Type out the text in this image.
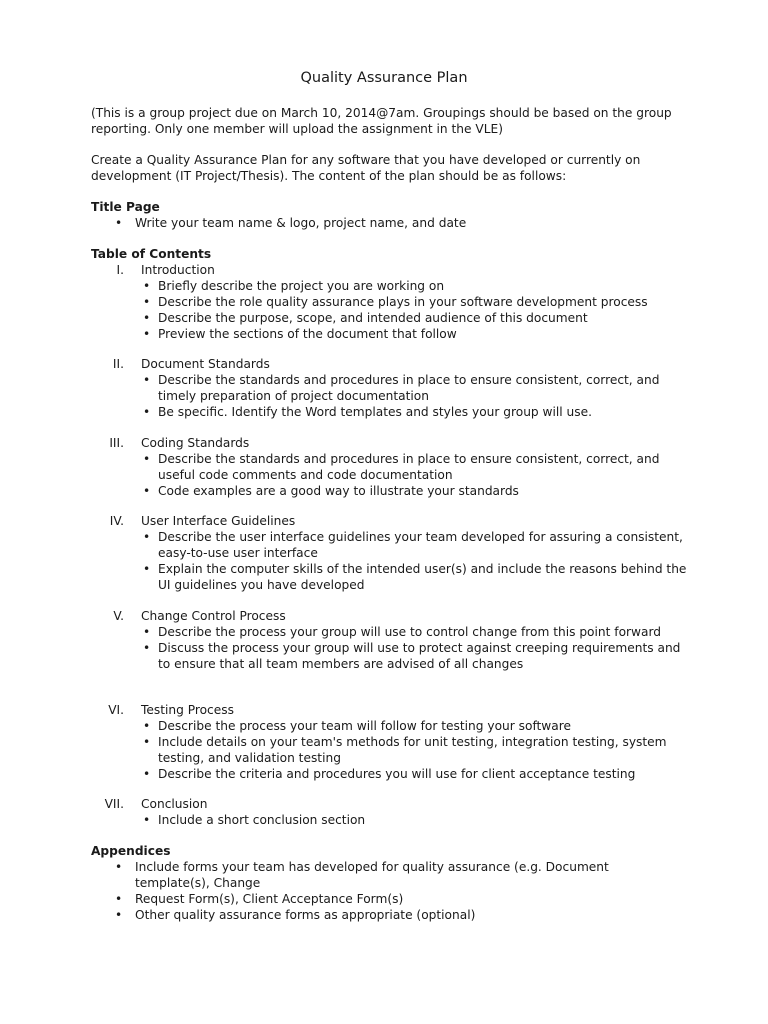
Quality Assurance Plan
(This is a group project due on March 10, 2014@7am. Groupings should be based on the group reporting. Only one member will upload the assignment in the VLE)
Create a Quality Assurance Plan for any software that you have developed or currently on development (IT Project/Thesis). The content of the plan should be as follows:
Title Page
• Write your team name & logo, project name, and date
Table of Contents
I. Introduction
• Briefly describe the project you are working on
• Describe the role quality assurance plays in your software development process
• Describe the purpose, scope, and intended audience of this document
• Preview the sections of the document that follow
II. Document Standards
• Describe the standards and procedures in place to ensure consistent, correct, and timely preparation of project documentation
• Be specific. Identify the Word templates and styles your group will use.
III. Coding Standards
• Describe the standards and procedures in place to ensure consistent, correct, and useful code comments and code documentation
• Code examples are a good way to illustrate your standards
IV. User Interface Guidelines
• Describe the user interface guidelines your team developed for assuring a consistent, easy-to-use user interface
• Explain the computer skills of the intended user(s) and include the reasons behind the UI guidelines you have developed
V. Change Control Process
• Describe the process your group will use to control change from this point forward
• Discuss the process your group will use to protect against creeping requirements and to ensure that all team members are advised of all changes
VI. Testing Process
• Describe the process your team will follow for testing your software
• Include details on your team's methods for unit testing, integration testing, system testing, and validation testing
• Describe the criteria and procedures you will use for client acceptance testing
VII. Conclusion
• Include a short conclusion section
Appendices
• Include forms your team has developed for quality assurance (e.g. Document template(s), Change
• Request Form(s), Client Acceptance Form(s)
• Other quality assurance forms as appropriate (optional)
